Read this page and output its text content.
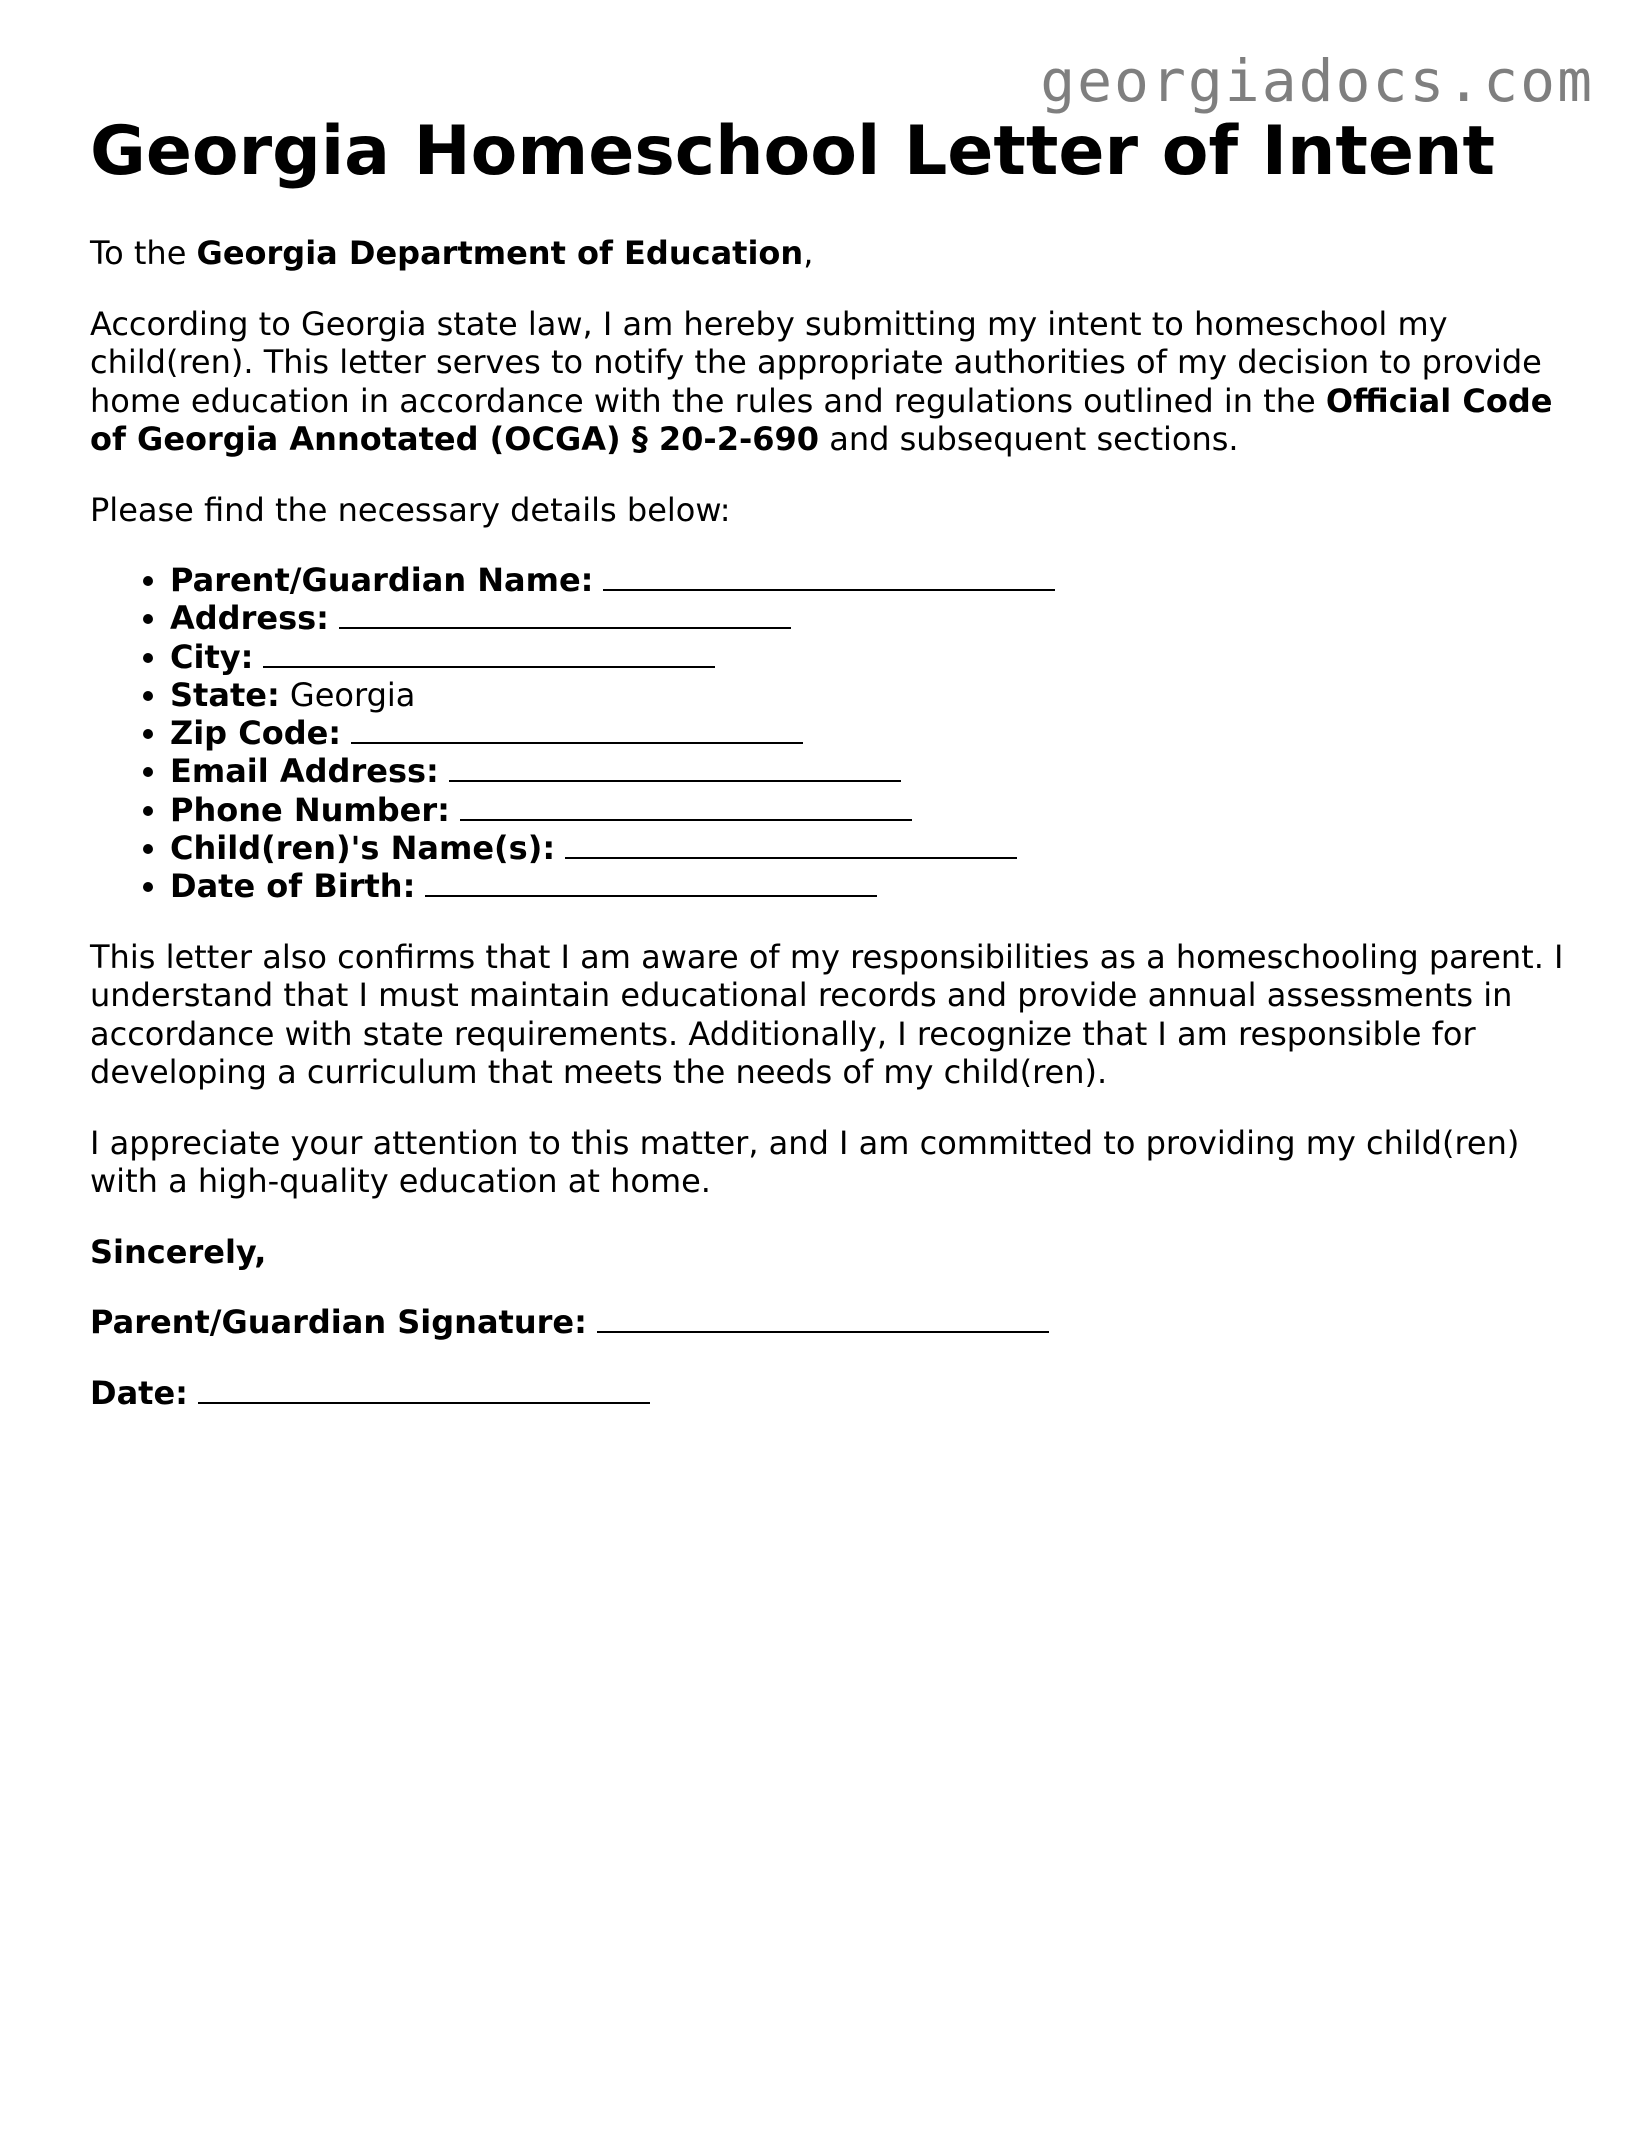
georgiadocs.com
Georgia Homeschool Letter of Intent

To the Georgia Department of Education,

According to Georgia state law, I am hereby submitting my intent to homeschool my child(ren). This letter serves to notify the appropriate authorities of my decision to provide home education in accordance with the rules and regulations outlined in the Official Code of Georgia Annotated (OCGA) § 20-2-690 and subsequent sections.

Please find the necessary details below:

• Parent/Guardian Name:
• Address:
• City:
• State: Georgia
• Zip Code:
• Email Address:
• Phone Number:
• Child(ren)'s Name(s):
• Date of Birth:

This letter also confirms that I am aware of my responsibilities as a homeschooling parent. I understand that I must maintain educational records and provide annual assessments in accordance with state requirements. Additionally, I recognize that I am responsible for developing a curriculum that meets the needs of my child(ren).

I appreciate your attention to this matter, and I am committed to providing my child(ren) with a high-quality education at home.

Sincerely,

Parent/Guardian Signature:

Date:
